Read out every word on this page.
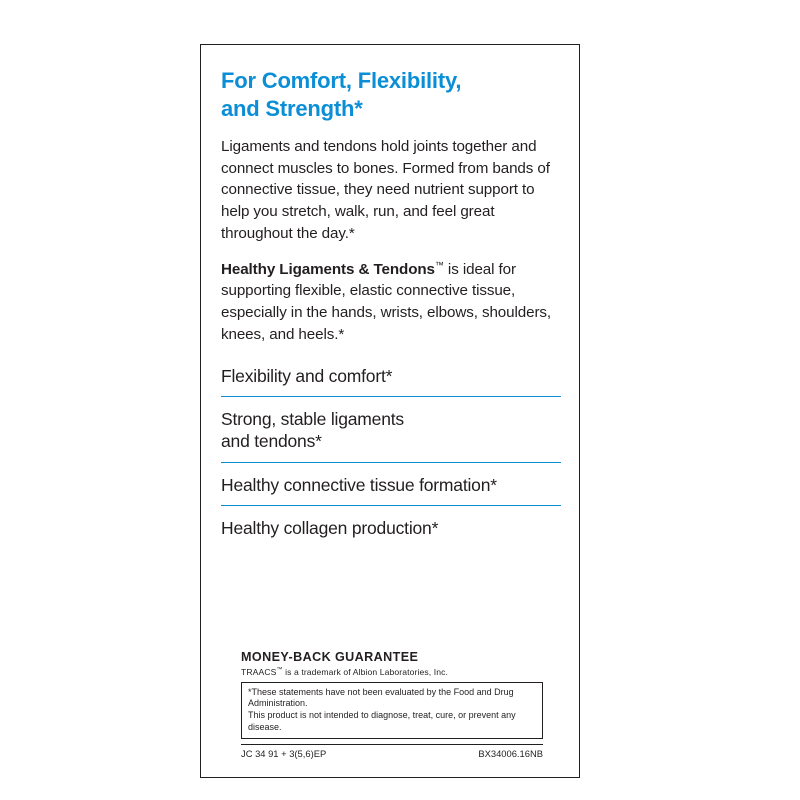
For Comfort, Flexibility,
and Strength*

Ligaments and tendons hold joints together and connect muscles to bones. Formed from bands of connective tissue, they need nutrient support to help you stretch, walk, run, and feel great throughout the day.*

Healthy Ligaments & Tendons™ is ideal for supporting flexible, elastic connective tissue, especially in the hands, wrists, elbows, shoulders, knees, and heels.*

Flexibility and comfort*
Strong, stable ligaments
and tendons*
Healthy connective tissue formation*
Healthy collagen production*
MONEY-BACK GUARANTEE
TRAACS™ is a trademark of Albion Laboratories, Inc.
*These statements have not been evaluated by the Food and Drug Administration.
This product is not intended to diagnose, treat, cure, or prevent any disease.
JC 34 91 + 3(5,6)EP	BX34006.16NB
